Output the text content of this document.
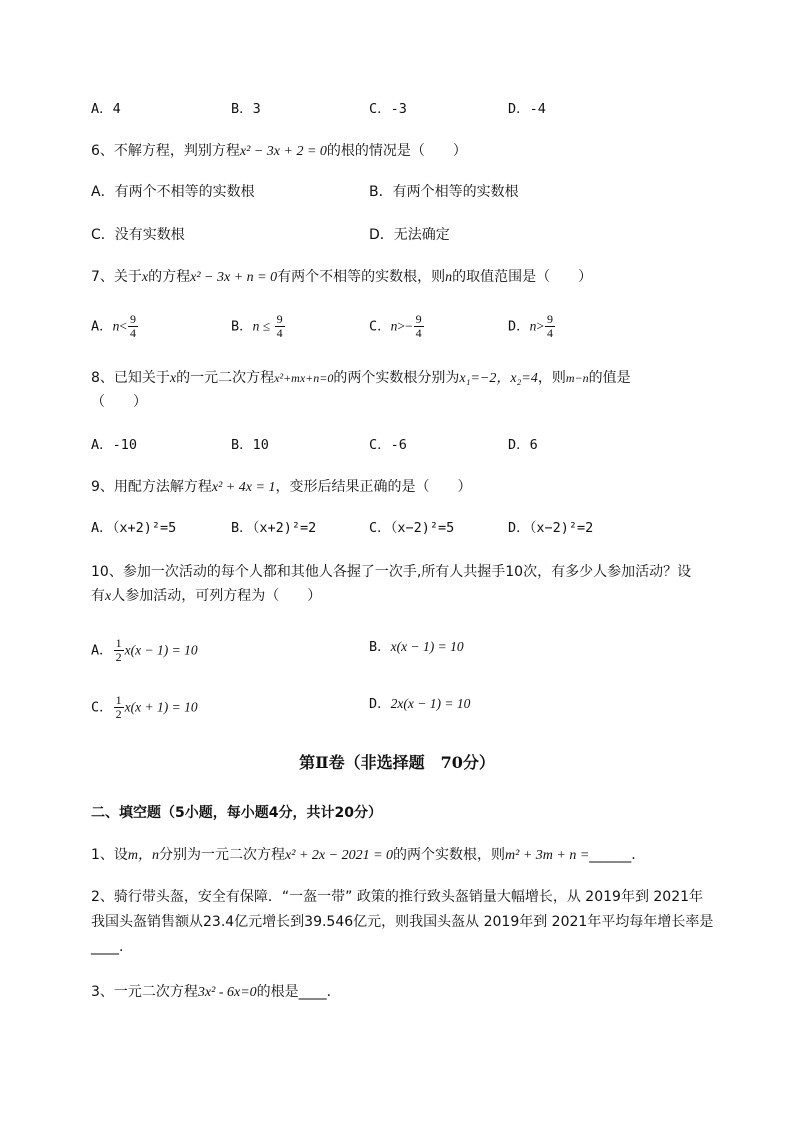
A．4	B．3	C．-3	D．-4
6、不解方程，判别方程x² − 3x + 2 = 0的根的情况是（　　）
A．有两个不相等的实数根	B．有两个相等的实数根
C．没有实数根	D．无法确定
7、关于x的方程x² − 3x + n = 0有两个不相等的实数根，则n的取值范围是（　　）
A．$n< \frac{9}{4}$	B．$n \le \frac{9}{4}$	C．$n>- \frac{9}{4}$	D．$n> \frac{9}{4}$
8、已知关于x的一元二次方程x²+mx+n=0的两个实数根分别为x₁=−2，x₂=4，则m−n的值是
（　　）
A．-10	B．10	C．-6	D．6
9、用配方法解方程x² + 4x = 1，变形后结果正确的是（　　）
A．（x+2)²=5	B．（x+2)²=2	C．（x−2)²=5	D．（x−2)²=2
10、参加一次活动的每个人都和其他人各握了一次手,所有人共握手10次，有多少人参加活动？设
有x人参加活动，可列方程为（　　）
A． $\frac{1}{2} x(x - 1) = 10$	B．x(x − 1) = 10
C． $\frac{1}{2} x(x + 1) = 10$	D．2x(x − 1) = 10
第Ⅱ卷（非选择题　70分）
二、填空题（5小题，每小题4分，共计20分）
1、设m，n分别为一元二次方程x² + 2x − 2021 = 0的两个实数根，则m² + 3m + n =______.
2、骑行带头盔，安全有保障．“一盔一带” 政策的推行致头盔销量大幅增长，从 2019年到 2021年
我国头盔销售额从23.4亿元增长到39.546亿元，则我国头盔从 2019年到 2021年平均每年增长率是
____.
3、一元二次方程3x² - 6x=0的根是____.
